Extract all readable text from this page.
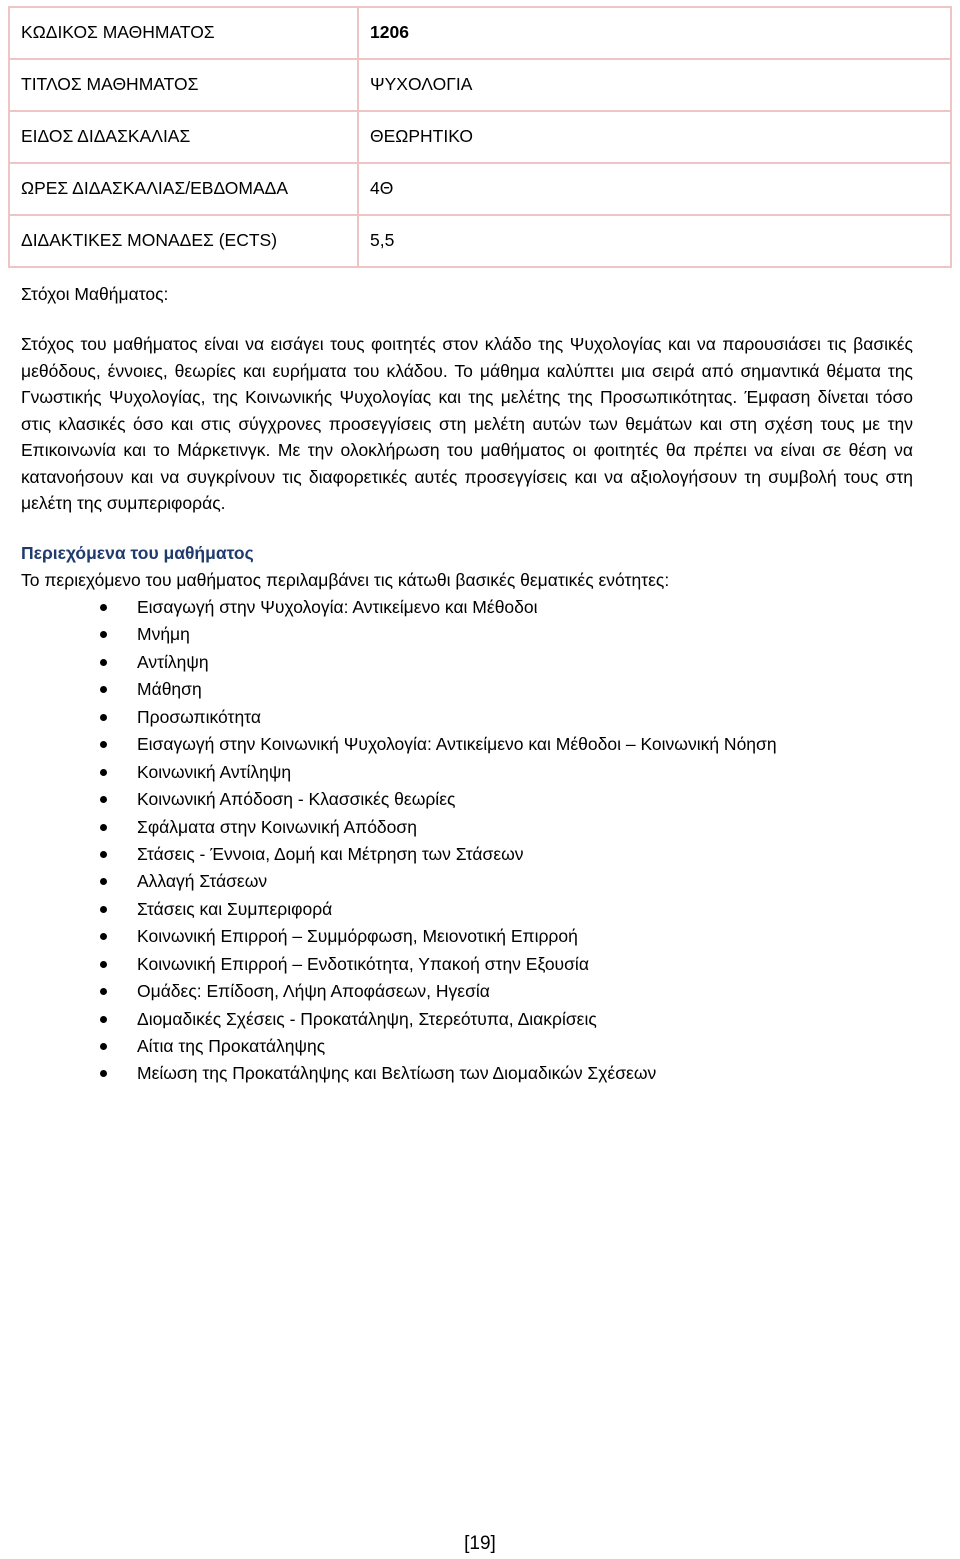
ΚΩΔΙΚΟΣ ΜΑΘΗΜΑΤΟΣ	1206
ΤΙΤΛΟΣ ΜΑΘΗΜΑΤΟΣ	ΨΥΧΟΛΟΓΙΑ
ΕΙΔΟΣ ΔΙΔΑΣΚΑΛΙΑΣ	ΘΕΩΡΗΤΙΚΟ
ΩΡΕΣ ΔΙΔΑΣΚΑΛΙΑΣ/ΕΒΔΟΜΑΔΑ	4Θ
ΔΙΔΑΚΤΙΚΕΣ ΜΟΝΑΔΕΣ (ECTS)	5,5
Στόχοι Μαθήματος:
Στόχος του μαθήματος είναι να εισάγει τους φοιτητές στον κλάδο της Ψυχολογίας και να παρουσιάσει τις βασικές μεθόδους, έννοιες, θεωρίες και ευρήματα του κλάδου. Το μάθημα καλύπτει μια σειρά από σημαντικά θέματα της Γνωστικής Ψυχολογίας, της Κοινωνικής Ψυχολογίας και της μελέτης της Προσωπικότητας. Έμφαση δίνεται τόσο στις κλασικές όσο και στις σύγχρονες προσεγγίσεις στη μελέτη αυτών των θεμάτων και στη σχέση τους με την Επικοινωνία και το Μάρκετινγκ. Με την ολοκλήρωση του μαθήματος οι φοιτητές θα πρέπει να είναι σε θέση να κατανοήσουν και να συγκρίνουν τις διαφορετικές αυτές προσεγγίσεις και να αξιολογήσουν τη συμβολή τους στη μελέτη της συμπεριφοράς.
Περιεχόμενα του μαθήματος
Το περιεχόμενο του μαθήματος περιλαμβάνει τις κάτωθι βασικές θεματικές ενότητες:
Εισαγωγή στην Ψυχολογία: Αντικείμενο και Μέθοδοι
Μνήμη
Αντίληψη
Μάθηση
Προσωπικότητα
Εισαγωγή στην Κοινωνική Ψυχολογία: Αντικείμενο και Μέθοδοι – Κοινωνική Νόηση
Κοινωνική Αντίληψη
Κοινωνική Απόδοση - Κλασσικές θεωρίες
Σφάλματα στην Κοινωνική Απόδοση
Στάσεις - Έννοια, Δομή και Μέτρηση των Στάσεων
Αλλαγή Στάσεων
Στάσεις και Συμπεριφορά
Κοινωνική Επιρροή – Συμμόρφωση, Μειονοτική Επιρροή
Κοινωνική Επιρροή – Ενδοτικότητα, Υπακοή στην Εξουσία
Ομάδες: Επίδοση, Λήψη Αποφάσεων, Ηγεσία
Διομαδικές Σχέσεις - Προκατάληψη, Στερεότυπα, Διακρίσεις
Αίτια της Προκατάληψης
Μείωση της Προκατάληψης και Βελτίωση των Διομαδικών Σχέσεων
[19]
